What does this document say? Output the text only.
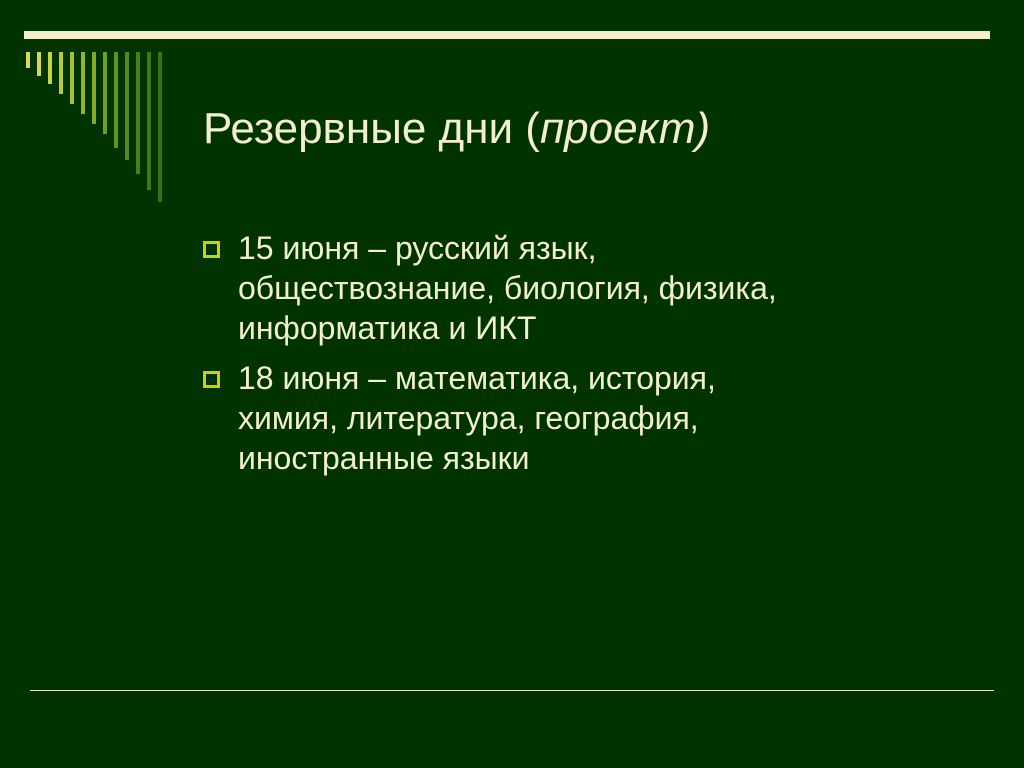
Резервные дни (проект)
15 июня – русский язык,
обществознание, биология, физика,
информатика и ИКТ
18 июня – математика, история,
химия, литература, география,
иностранные языки
